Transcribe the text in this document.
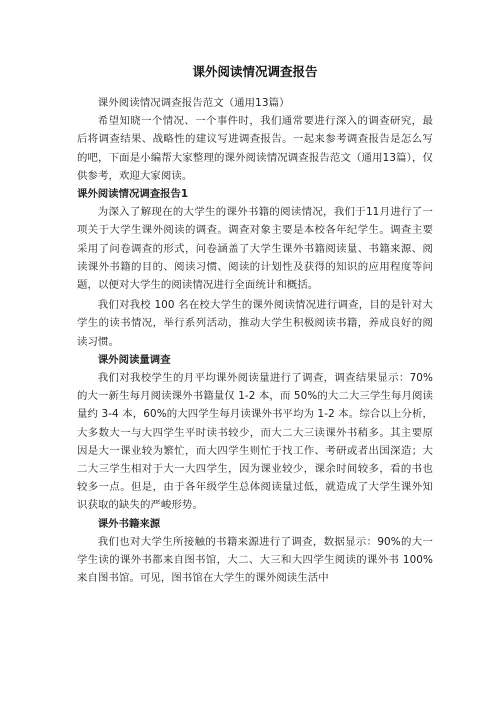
课外阅读情况调查报告

课外阅读情况调查报告范文（通用13篇）

希望知晓一个情况、一个事件时，我们通常要进行深入的调查研究，最后将调查结果、战略性的建议写进调查报告。一起来参考调查报告是怎么写的吧，下面是小编帮大家整理的课外阅读情况调查报告范文（通用13篇），仅供参考，欢迎大家阅读。

课外阅读情况调查报告1

为深入了解现在的大学生的课外书籍的阅读情况，我们于11月进行了一项关于大学生课外阅读的调查。调查对象主要是本校各年纪学生。调查主要采用了问卷调查的形式，问卷涵盖了大学生课外书籍阅读量、书籍来源、阅读课外书籍的目的、阅读习惯、阅读的计划性及获得的知识的应用程度等问题，以便对大学生的阅读情况进行全面统计和概括。

我们对我校 100 名在校大学生的课外阅读情况进行调查，目的是针对大学生的读书情况，举行系列活动，推动大学生积极阅读书籍，养成良好的阅读习惯。

课外阅读量调查

我们对我校学生的月平均课外阅读量进行了调查，调查结果显示：70%的大一新生每月阅读课外书籍量仅 1-2 本，而 50%的大二大三学生每月阅读量约 3-4 本，60%的大四学生每月读课外书平均为 1-2 本。综合以上分析，大多数大一与大四学生平时读书较少，而大二大三读课外书稍多。其主要原因是大一课业较为繁忙，而大四学生则忙于找工作、考研或者出国深造；大二大三学生相对于大一大四学生，因为课业较少，课余时间较多，看的书也较多一点。但是，由于各年级学生总体阅读量过低，就造成了大学生课外知识获取的缺失的严峻形势。

课外书籍来源

我们也对大学生所接触的书籍来源进行了调查，数据显示：90%的大一学生读的课外书都来自图书馆，大二、大三和大四学生阅读的课外书 100%来自图书馆。可见，图书馆在大学生的课外阅读生活中
